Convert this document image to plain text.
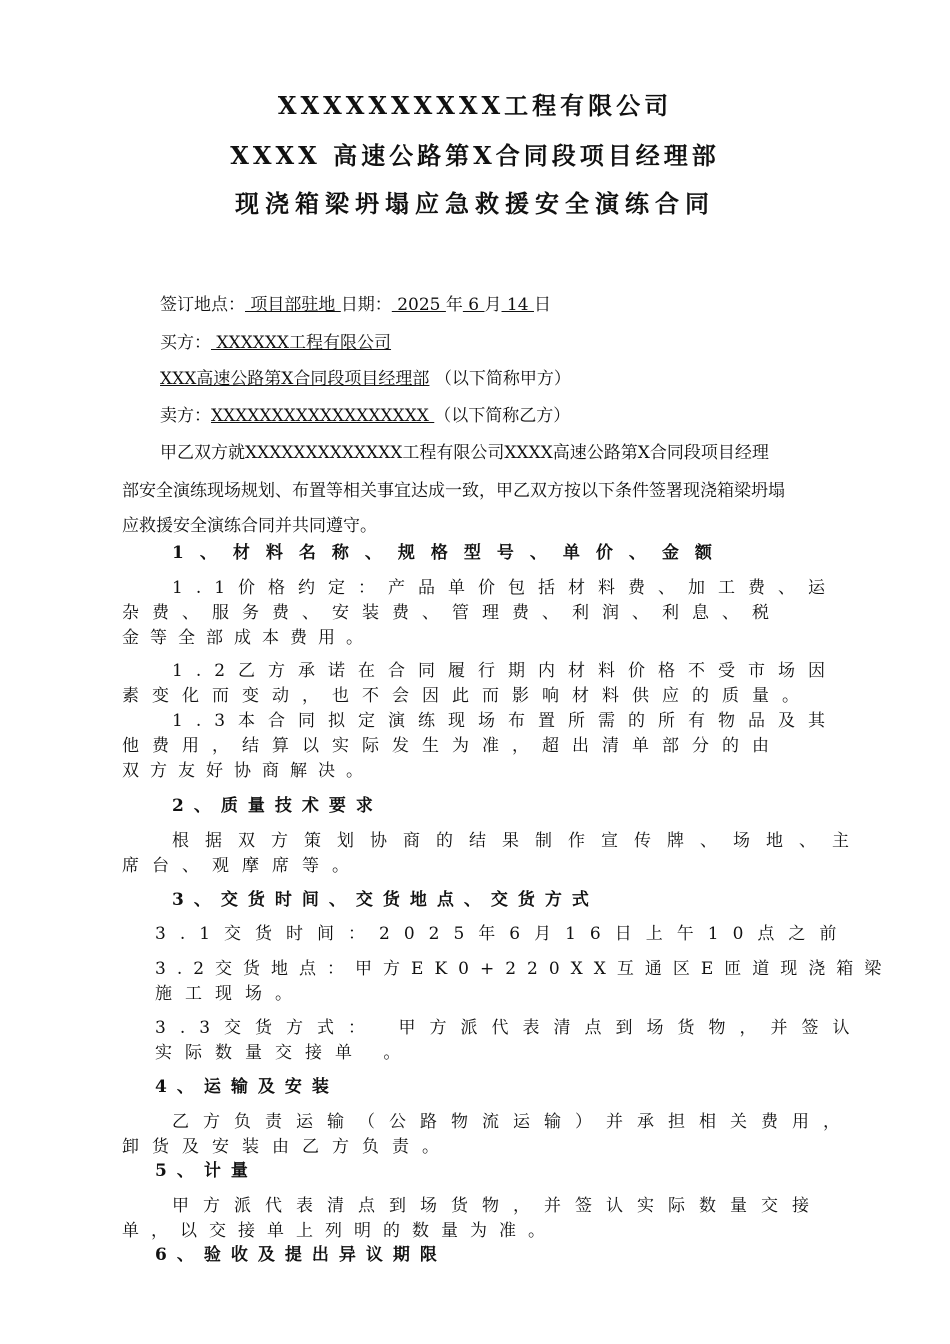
XXXXXXXXXX工程有限公司
XXXX 高速公路第X合同段项目经理部
现浇箱梁坍塌应急救援安全演练合同
签订地点： 项目部驻地 日期： 2025 年 6 月 14 日
买方： XXXXXX工程有限公司
XXX高速公路第X合同段项目经理部 （以下简称甲方）
卖方：XXXXXXXXXXXXXXXXXX （以下简称乙方）
甲乙双方就XXXXXXXXXXXXX工程有限公司XXXX高速公路第X合同段项目经理
部安全演练现场规划、布置等相关事宜达成一致，甲乙双方按以下条件签署现浇箱梁坍塌
应救援安全演练合同并共同遵守。
1、材料名称、规格型号、单价、金额
1.1价格约定：产品单价包括材料费、加工费、运
杂费、服务费、安装费、管理费、利润、利息、税
金等全部成本费用。
1.2乙方承诺在合同履行期内材料价格不受市场因
素变化而变动，也不会因此而影响材料供应的质量。
1.3本合同拟定演练现场布置所需的所有物品及其
他费用，结算以实际发生为准，超出清单部分的由
双方友好协商解决。
2、质量技术要求
根据双方策划协商的结果制作宣传牌、场地、主
席台、观摩席等。
3、交货时间、交货地点、交货方式
3.1交货时间：2025年6月16日上午10点之前
3.2交货地点：甲方EK0+220XX互通区E匝道现浇箱梁
施工现场。
3.3交货方式： 甲方派代表清点到场货物，并签认
实际数量交接单 。
4、运输及安装
乙方负责运输（公路物流运输）并承担相关费用，
卸货及安装由乙方负责。
5、计量
甲方派代表清点到场货物，并签认实际数量交接
单，以交接单上列明的数量为准。
6、验收及提出异议期限
